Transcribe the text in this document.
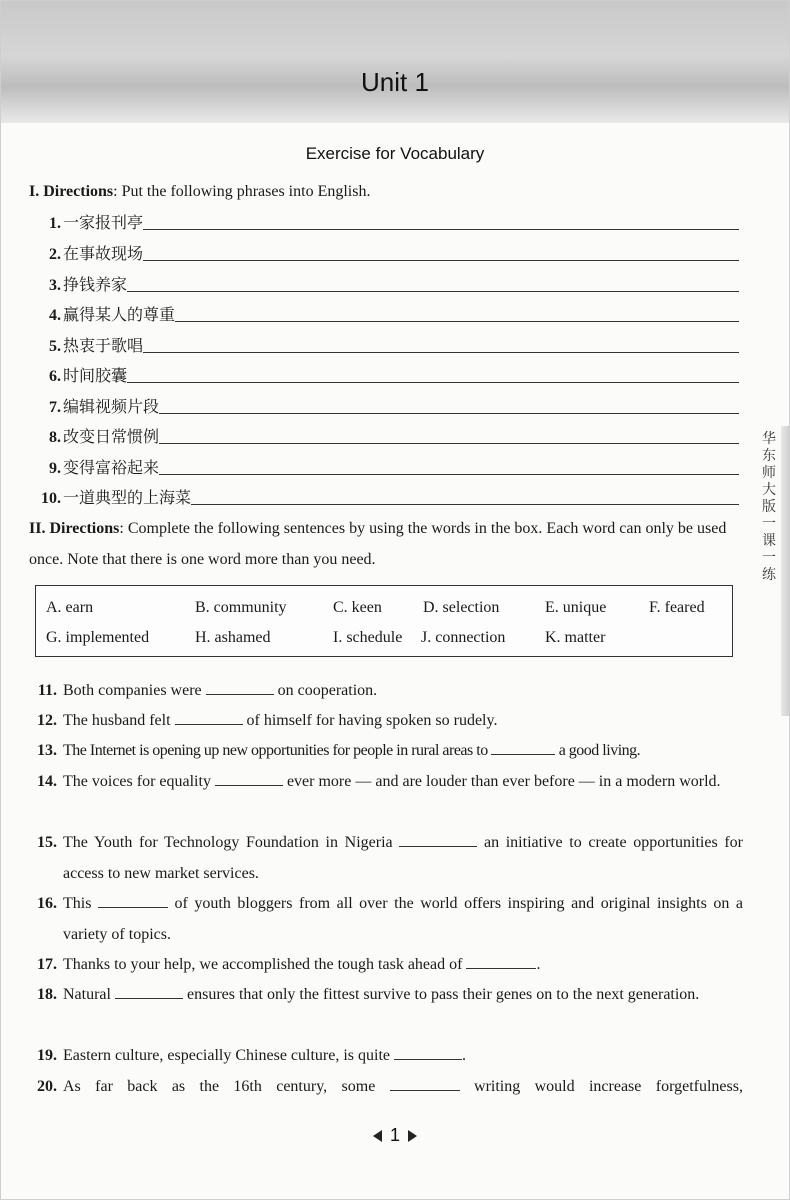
Unit 1
Exercise for Vocabulary
I. Directions: Put the following phrases into English.
1. 一家报刊亭
2. 在事故现场
3. 挣钱养家
4. 赢得某人的尊重
5. 热衷于歌唱
6. 时间胶囊
7. 编辑视频片段
8. 改变日常惯例
9. 变得富裕起来
10. 一道典型的上海菜
II. Directions: Complete the following sentences by using the words in the box. Each word can only be used once. Note that there is one word more than you need.
A. earn	B. community	C. keen	D. selection	E. unique	F. feared
G. implemented	H. ashamed	I. schedule J. connection K. matter
11. Both companies were	on cooperation.
12. The husband felt	of himself for having spoken so rudely.
13. The Internet is opening up new opportunities for people in rural areas to	a good living.
14. The voices for equality	ever more — and are louder than ever before — in a modern world.
15. The Youth for Technology Foundation in Nigeria	an initiative to create opportunities for access to new market services.
16. This	of youth bloggers from all over the world offers inspiring and original insights on a variety of topics.
17. Thanks to your help, we accomplished the tough task ahead of	.
18. Natural	ensures that only the fittest survive to pass their genes on to the next generation.
19. Eastern culture, especially Chinese culture, is quite	.
20. As far back as the 16th century, some	writing would increase forgetfulness,
华东师大版一课一练
1
